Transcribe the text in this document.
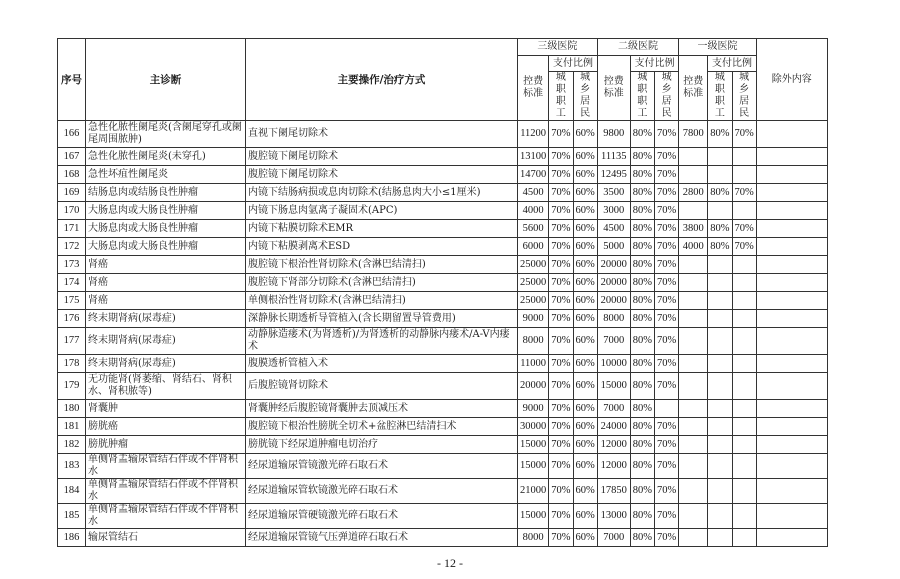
序号	主诊断	主要操作/治疗方式	三级医院			二级医院			一级医院			除外内容
			控费标准	支付比例		控费标准	支付比例		控费标准	支付比例		
				城职职工	城乡居民		城职职工	城乡居民		城职职工	城乡居民	
166	急性化脓性阑尾炎(含阑尾穿孔或阑尾周围脓肿)	直视下阑尾切除术	11200	70%	60%	9800	80%	70%	7800	80%	70%	
167	急性化脓性阑尾炎(未穿孔)	腹腔镜下阑尾切除术	13100	70%	60%	11135	80%	70%				
168	急性坏疽性阑尾炎	腹腔镜下阑尾切除术	14700	70%	60%	12495	80%	70%				
169	结肠息肉或结肠良性肿瘤	内镜下结肠病损或息肉切除术(结肠息肉大小≤1厘米)	4500	70%	60%	3500	80%	70%	2800	80%	70%	
170	大肠息肉或大肠良性肿瘤	内镜下肠息肉氩离子凝固术(APC)	4000	70%	60%	3000	80%	70%				
171	大肠息肉或大肠良性肿瘤	内镜下粘膜切除术EMR	5600	70%	60%	4500	80%	70%	3800	80%	70%	
172	大肠息肉或大肠良性肿瘤	内镜下粘膜剥离术ESD	6000	70%	60%	5000	80%	70%	4000	80%	70%	
173	肾癌	腹腔镜下根治性肾切除术(含淋巴结清扫)	25000	70%	60%	20000	80%	70%				
174	肾癌	腹腔镜下肾部分切除术(含淋巴结清扫)	25000	70%	60%	20000	80%	70%				
175	肾癌	单侧根治性肾切除术(含淋巴结清扫)	25000	70%	60%	20000	80%	70%				
176	终末期肾病(尿毒症)	深静脉长期透析导管植入(含长期留置导管费用)	9000	70%	60%	8000	80%	70%				
177	终末期肾病(尿毒症)	动静脉造瘘术(为肾透析)/为肾透析的动静脉内瘘术/A-V内瘘术	8000	70%	60%	7000	80%	70%				
178	终末期肾病(尿毒症)	腹膜透析管植入术	11000	70%	60%	10000	80%	70%				
179	无功能肾(肾萎缩、肾结石、肾积水、肾积脓等)	后腹腔镜肾切除术	20000	70%	60%	15000	80%	70%				
180	肾囊肿	肾囊肿经后腹腔镜肾囊肿去顶减压术	9000	70%	60%	7000	80%					
181	膀胱癌	腹腔镜下根治性膀胱全切术+盆腔淋巴结清扫术	30000	70%	60%	24000	80%	70%				
182	膀胱肿瘤	膀胱镜下经尿道肿瘤电切治疗	15000	70%	60%	12000	80%	70%				
183	单侧肾盂输尿管结石伴或不伴肾积水	经尿道输尿管镜激光碎石取石术	15000	70%	60%	12000	80%	70%				
184	单侧肾盂输尿管结石伴或不伴肾积水	经尿道输尿管软镜激光碎石取石术	21000	70%	60%	17850	80%	70%				
185	单侧肾盂输尿管结石伴或不伴肾积水	经尿道输尿管硬镜激光碎石取石术	15000	70%	60%	13000	80%	70%				
186	输尿管结石	经尿道输尿管镜气压弹道碎石取石术	8000	70%	60%	7000	80%	70%				
- 12 -
